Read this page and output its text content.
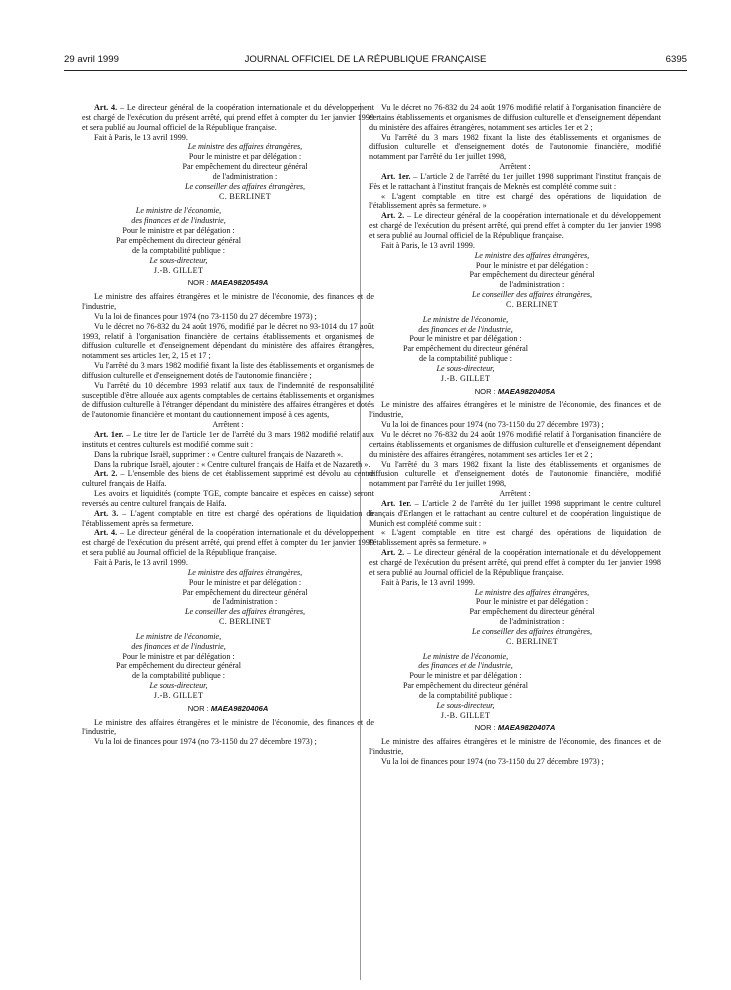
29 avril 1999	JOURNAL OFFICIEL DE LA RÉPUBLIQUE FRANÇAISE	6395

Art. 4. – Le directeur général de la coopération internationale et du développement est chargé de l'exécution du présent arrêté, qui prend effet à compter du 1er janvier 1999 et sera publié au Journal officiel de la République française.

Fait à Paris, le 13 avril 1999.

Le ministre des affaires étrangères,
Pour le ministre et par délégation :
Par empêchement du directeur général
de l'administration :
Le conseiller des affaires étrangères,
C. BERLINET
Le ministre de l'économie,
des finances et de l'industrie,
Pour le ministre et par délégation :
Par empêchement du directeur général
de la comptabilité publique :
Le sous-directeur,
J.-B. GILLET
NOR : MAEA9820549A

Le ministre des affaires étrangères et le ministre de l'économie, des finances et de l'industrie,

Vu la loi de finances pour 1974 (no 73-1150 du 27 décembre 1973) ;

Vu le décret no 76-832 du 24 août 1976, modifié par le décret no 93-1014 du 17 août 1993, relatif à l'organisation financière de certains établissements et organismes de diffusion culturelle et d'enseignement dépendant du ministère des affaires étrangères, notamment ses articles 1er, 2, 15 et 17 ;

Vu l'arrêté du 3 mars 1982 modifié fixant la liste des établissements et organismes de diffusion culturelle et d'enseignement dotés de l'autonomie financière ;

Vu l'arrêté du 10 décembre 1993 relatif aux taux de l'indemnité de responsabilité susceptible d'être allouée aux agents comptables de certains établissements et organismes de diffusion culturelle à l'étranger dépendant du ministère des affaires étrangères et dotés de l'autonomie financière et montant du cautionnement imposé à ces agents,

Arrêtent :

Art. 1er. – Le titre Ier de l'article 1er de l'arrêté du 3 mars 1982 modifié relatif aux instituts et centres culturels est modifié comme suit :

Dans la rubrique Israël, supprimer : « Centre culturel français de Nazareth ».

Dans la rubrique Israël, ajouter : « Centre culturel français de Haïfa et de Nazareth ».

Art. 2. – L'ensemble des biens de cet établissement supprimé est dévolu au centre culturel français de Haïfa.

Les avoirs et liquidités (compte TGE, compte bancaire et espèces en caisse) seront reversés au centre culturel français de Haïfa.

Art. 3. – L'agent comptable en titre est chargé des opérations de liquidation de l'établissement après sa fermeture.

Art. 4. – Le directeur général de la coopération internationale et du développement est chargé de l'exécution du présent arrêté, qui prend effet à compter du 1er janvier 1999 et sera publié au Journal officiel de la République française.

Fait à Paris, le 13 avril 1999.

Le ministre des affaires étrangères,
Pour le ministre et par délégation :
Par empêchement du directeur général
de l'administration :
Le conseiller des affaires étrangères,
C. BERLINET
Le ministre de l'économie,
des finances et de l'industrie,
Pour le ministre et par délégation :
Par empêchement du directeur général
de la comptabilité publique :
Le sous-directeur,
J.-B. GILLET
NOR : MAEA9820406A

Le ministre des affaires étrangères et le ministre de l'économie, des finances et de l'industrie,

Vu la loi de finances pour 1974 (no 73-1150 du 27 décembre 1973) ;

Vu le décret no 76-832 du 24 août 1976 modifié relatif à l'organisation financière de certains établissements et organismes de diffusion culturelle et d'enseignement dépendant du ministère des affaires étrangères, notamment ses articles 1er et 2 ;

Vu l'arrêté du 3 mars 1982 fixant la liste des établissements et organismes de diffusion culturelle et d'enseignement dotés de l'autonomie financière, modifié notamment par l'arrêté du 1er juillet 1998,

Arrêtent :

Art. 1er. – L'article 2 de l'arrêté du 1er juillet 1998 supprimant l'institut français de Fès et le rattachant à l'institut français de Meknès est complété comme suit :

« L'agent comptable en titre est chargé des opérations de liquidation de l'établissement après sa fermeture. »

Art. 2. – Le directeur général de la coopération internationale et du développement est chargé de l'exécution du présent arrêté, qui prend effet à compter du 1er janvier 1998 et sera publié au Journal officiel de la République française.

Fait à Paris, le 13 avril 1999.

Le ministre des affaires étrangères,
Pour le ministre et par délégation :
Par empêchement du directeur général
de l'administration :
Le conseiller des affaires étrangères,
C. BERLINET
Le ministre de l'économie,
des finances et de l'industrie,
Pour le ministre et par délégation :
Par empêchement du directeur général
de la comptabilité publique :
Le sous-directeur,
J.-B. GILLET
NOR : MAEA9820405A

Le ministre des affaires étrangères et le ministre de l'économie, des finances et de l'industrie,

Vu la loi de finances pour 1974 (no 73-1150 du 27 décembre 1973) ;

Vu le décret no 76-832 du 24 août 1976 modifié relatif à l'organisation financière de certains établissements et organismes de diffusion culturelle et d'enseignement dépendant du ministère des affaires étrangères, notamment ses articles 1er et 2 ;

Vu l'arrêté du 3 mars 1982 fixant la liste des établissements et organismes de diffusion culturelle et d'enseignement dotés de l'autonomie financière, modifié notamment par l'arrêté du 1er juillet 1998,

Arrêtent :

Art. 1er. – L'article 2 de l'arrêté du 1er juillet 1998 supprimant le centre culturel français d'Erlangen et le rattachant au centre culturel et de coopération linguistique de Munich est complété comme suit :

« L'agent comptable en titre est chargé des opérations de liquidation de l'établissement après sa fermeture. »

Art. 2. – Le directeur général de la coopération internationale et du développement est chargé de l'exécution du présent arrêté, qui prend effet à compter du 1er janvier 1998 et sera publié au Journal officiel de la République française.

Fait à Paris, le 13 avril 1999.

Le ministre des affaires étrangères,
Pour le ministre et par délégation :
Par empêchement du directeur général
de l'administration :
Le conseiller des affaires étrangères,
C. BERLINET
Le ministre de l'économie,
des finances et de l'industrie,
Pour le ministre et par délégation :
Par empêchement du directeur général
de la comptabilité publique :
Le sous-directeur,
J.-B. GILLET
NOR : MAEA9820407A

Le ministre des affaires étrangères et le ministre de l'économie, des finances et de l'industrie,

Vu la loi de finances pour 1974 (no 73-1150 du 27 décembre 1973) ;
